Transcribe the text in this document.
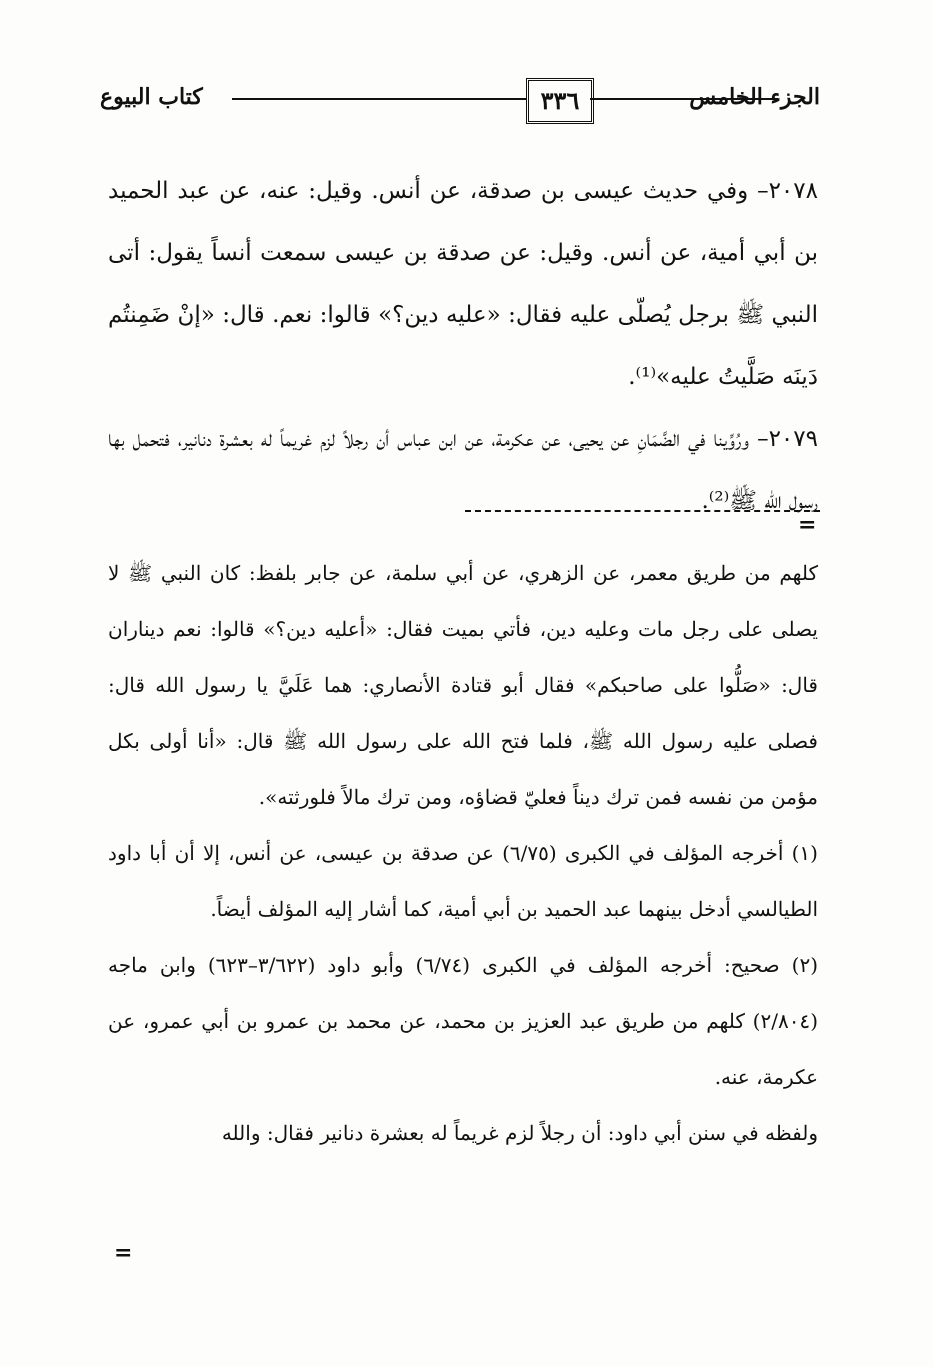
كتاب البيوع	٣٣٦	الجزء الخامس

٢٠٧٨– وفي حديث عيسى بن صدقة، عن أنس. وقيل: عنه، عن عبد الحميد بن أبي أمية، عن أنس. وقيل: عن صدقة بن عيسى سمعت أنساً يقول: أتى النبي ﷺ برجل يُصلّى عليه فقال: «عليه دين؟» قالوا: نعم. قال: «إنْ ضَمِنتُم دَينَه صَلَّيتُ عليه»⁽¹⁾.

٢٠٧٩– ورُوِّينا في الضَّمَانِ عن يحيى، عن عكرمة، عن ابن عباس أن رجلاً لزم غريماً له بعشرة دنانير، فتحمل بها رسول الله ﷺ⁽²⁾.

=

كلهم من طريق معمر، عن الزهري، عن أبي سلمة، عن جابر بلفظ: كان النبي ﷺ لا يصلى على رجل مات وعليه دين، فأتي بميت فقال: «أعليه دين؟» قالوا: نعم ديناران قال: «صَلُّوا على صاحبكم» فقال أبو قتادة الأنصاري: هما عَلَيَّ يا رسول الله قال: فصلى عليه رسول الله ﷺ، فلما فتح الله على رسول الله ﷺ قال: «أنا أولى بكل مؤمن من نفسه فمن ترك ديناً فعليّ قضاؤه، ومن ترك مالاً فلورثته».

(١) أخرجه المؤلف في الكبرى (٦/٧٥) عن صدقة بن عيسى، عن أنس، إلا أن أبا داود الطيالسي أدخل بينهما عبد الحميد بن أبي أمية، كما أشار إليه المؤلف أيضاً.

(٢) صحيح: أخرجه المؤلف في الكبرى (٦/٧٤) وأبو داود (٣/٦٢٢–٦٢٣) وابن ماجه (٢/٨٠٤) كلهم من طريق عبد العزيز بن محمد، عن محمد بن عمرو بن أبي عمرو، عن عكرمة، عنه.

ولفظه في سنن أبي داود: أن رجلاً لزم غريماً له بعشرة دنانير فقال: والله

=
